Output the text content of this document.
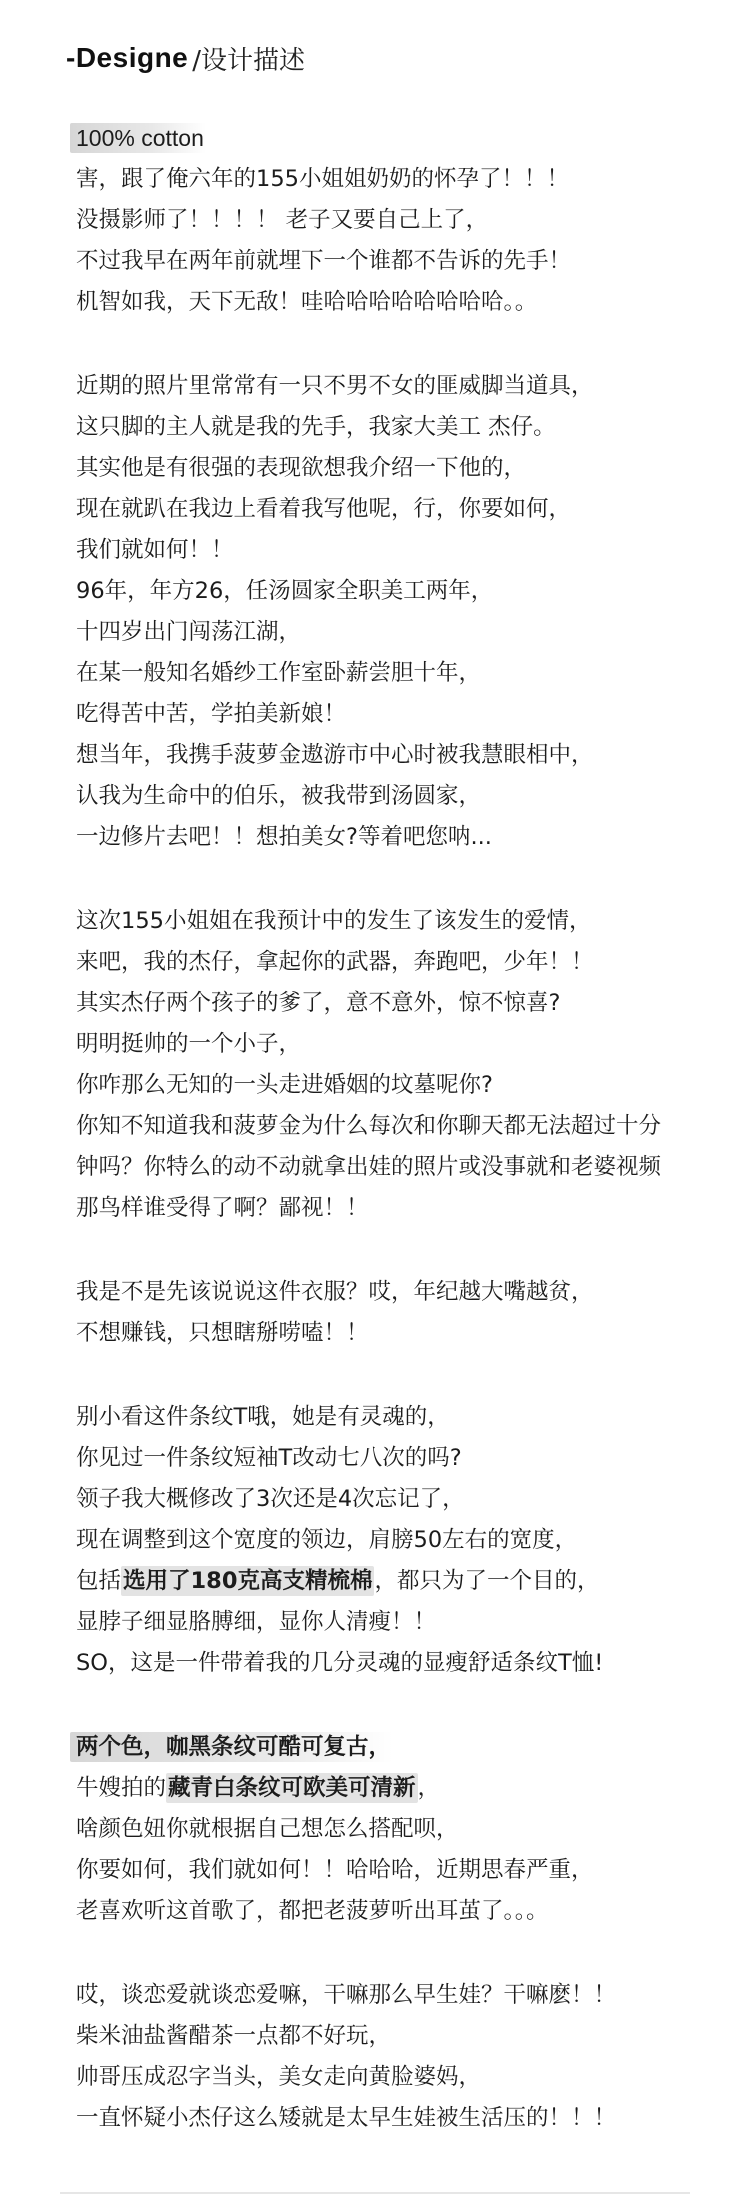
-Designe /设计描述
100% cotton
害，跟了俺六年的155小姐姐奶奶的怀孕了！！！
没摄影师了！！！！ 老子又要自己上了，
不过我早在两年前就埋下一个谁都不告诉的先手！
机智如我，天下无敌！哇哈哈哈哈哈哈哈哈。。
近期的照片里常常有一只不男不女的匪威脚当道具，
这只脚的主人就是我的先手，我家大美工 杰仔。
其实他是有很强的表现欲想我介绍一下他的，
现在就趴在我边上看着我写他呢，行，你要如何，
我们就如何！！
96年，年方26，任汤圆家全职美工两年，
十四岁出门闯荡江湖，
在某一般知名婚纱工作室卧薪尝胆十年，
吃得苦中苦，学拍美新娘！
想当年，我携手菠萝金遨游市中心时被我慧眼相中，
认我为生命中的伯乐，被我带到汤圆家，
一边修片去吧！！想拍美女?等着吧您呐...
这次155小姐姐在我预计中的发生了该发生的爱情，
来吧，我的杰仔，拿起你的武器，奔跑吧，少年！！
其实杰仔两个孩子的爹了，意不意外，惊不惊喜?
明明挺帅的一个小子，
你咋那么无知的一头走进婚姻的坟墓呢你?
你知不知道我和菠萝金为什么每次和你聊天都无法超过十分
钟吗？你特么的动不动就拿出娃的照片或没事就和老婆视频
那鸟样谁受得了啊？鄙视！！
我是不是先该说说这件衣服？哎，年纪越大嘴越贫，
不想赚钱，只想瞎掰唠嗑！！
别小看这件条纹T哦，她是有灵魂的，
你见过一件条纹短袖T改动七八次的吗?
领子我大概修改了3次还是4次忘记了，
现在调整到这个宽度的领边，肩膀50左右的宽度，
包括选用了180克高支精梳棉，都只为了一个目的，
显脖子细显胳膊细，显你人清瘦！！
SO，这是一件带着我的几分灵魂的显瘦舒适条纹T恤!
两个色，咖黑条纹可酷可复古，
牛嫂拍的藏青白条纹可欧美可清新，
啥颜色妞你就根据自己想怎么搭配呗，
你要如何，我们就如何！！哈哈哈，近期思春严重，
老喜欢听这首歌了，都把老菠萝听出耳茧了。。。
哎，谈恋爱就谈恋爱嘛，干嘛那么早生娃？干嘛麽！！
柴米油盐酱醋茶一点都不好玩，
帅哥压成忍字当头，美女走向黄脸婆妈，
一直怀疑小杰仔这么矮就是太早生娃被生活压的！！！
